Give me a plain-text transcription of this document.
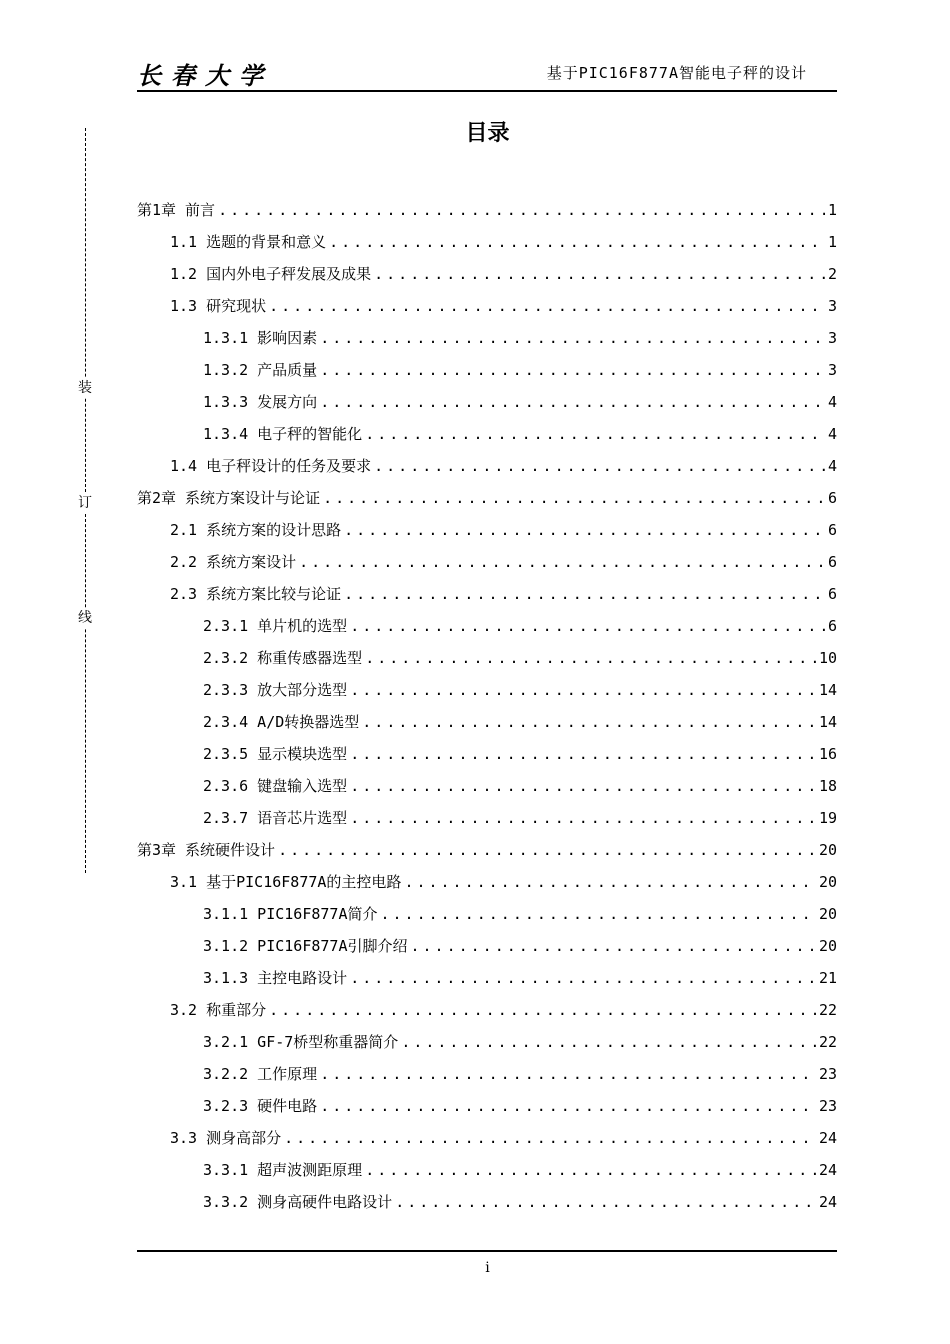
长春大学	基于PIC16F877A智能电子秤的设计
装
订
线
目录
第1章 前言 .....	1
1.1 选题的背景和意义 .....	1
1.2 国内外电子秤发展及成果 .....	2
1.3 研究现状 .....	3
1.3.1 影响因素 .....	3
1.3.2 产品质量 .....	3
1.3.3 发展方向 .....	4
1.3.4 电子秤的智能化 .....	4
1.4 电子秤设计的任务及要求 .....	4
第2章 系统方案设计与论证 .....	6
2.1 系统方案的设计思路 .....	6
2.2 系统方案设计 .....	6
2.3 系统方案比较与论证 .....	6
2.3.1 单片机的选型 .....	6
2.3.2 称重传感器选型 .....	10
2.3.3 放大部分选型 .....	14
2.3.4 A/D转换器选型 .....	14
2.3.5 显示模块选型 .....	16
2.3.6 键盘输入选型 .....	18
2.3.7 语音芯片选型 .....	19
第3章 系统硬件设计 .....	20
3.1 基于PIC16F877A的主控电路 .....	20
3.1.1 PIC16F877A简介 .....	20
3.1.2 PIC16F877A引脚介绍 .....	20
3.1.3 主控电路设计 .....	21
3.2 称重部分 .....	22
3.2.1 GF-7桥型称重器简介 .....	22
3.2.2 工作原理 .....	23
3.2.3 硬件电路 .....	23
3.3 测身高部分 .....	24
3.3.1 超声波测距原理 .....	24
3.3.2 测身高硬件电路设计 .....	24
i
